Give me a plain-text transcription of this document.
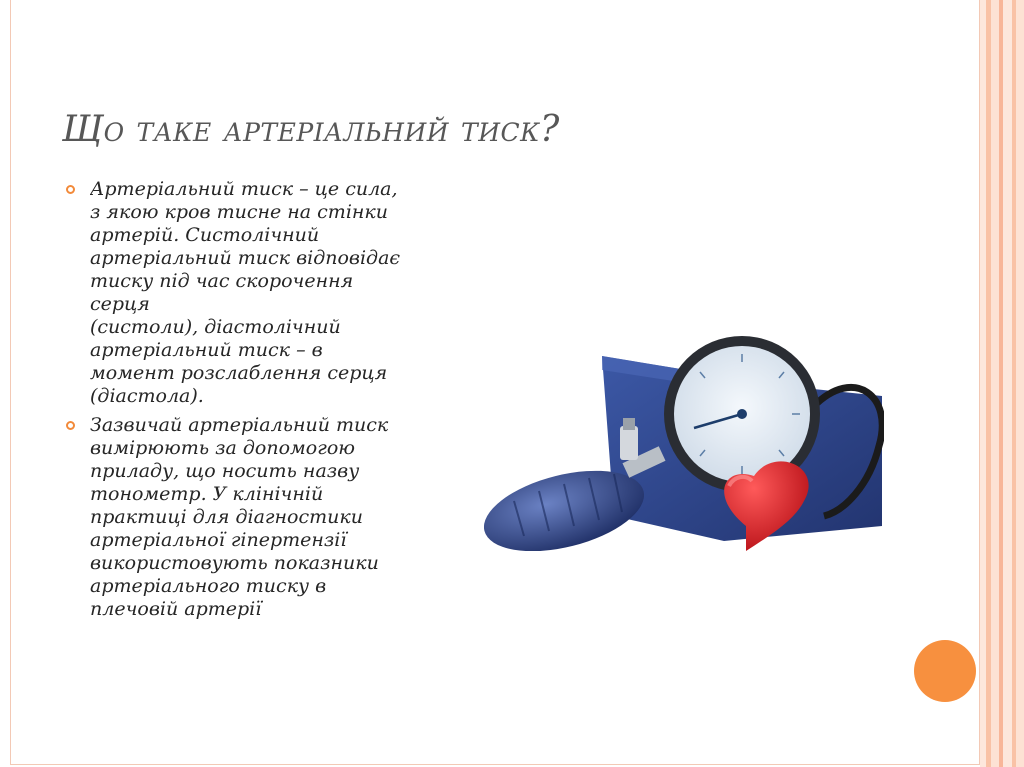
Що таке артеріальний тиск?
Артеріальний тиск – це сила,
з якою кров тисне на стінки
артерій. Систолічний
артеріальний тиск відповідає
тиску під час скорочення
серця
(систоли), діастолічний
артеріальний тиск – в
момент розслаблення серця
(діастола).
Зазвичай артеріальний тиск
вимірюють за допомогою
приладу, що носить назву
тонометр. У клінічній
практиці для діагностики
артеріальної гіпертензії
використовують показники
артеріального тиску в
плечовій артерії
